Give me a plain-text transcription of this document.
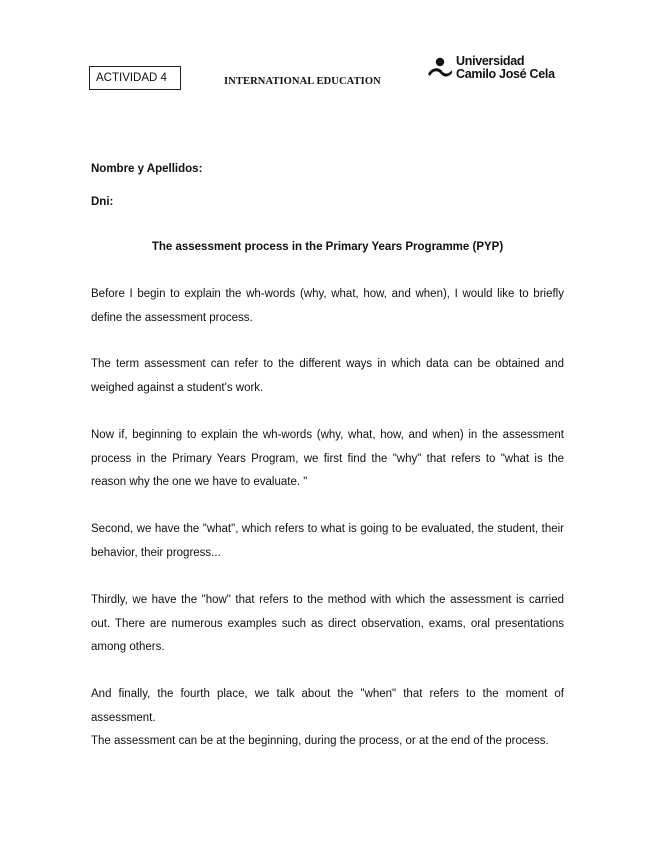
ACTIVIDAD 4	INTERNATIONAL EDUCATION
Universidad
Camilo José Cela
Nombre y Apellidos:
Dni:
The assessment process in the Primary Years Programme (PYP)

Before I begin to explain the wh-words (why, what, how, and when), I would like to briefly define the assessment process.

The term assessment can refer to the different ways in which data can be obtained and weighed against a student's work.

Now if, beginning to explain the wh-words (why, what, how, and when) in the assessment process in the Primary Years Program, we first find the "why" that refers to "what is the reason why the one we have to evaluate. "

Second, we have the "what", which refers to what is going to be evaluated, the student, their behavior, their progress...

Thirdly, we have the "how" that refers to the method with which the assessment is carried out. There are numerous examples such as direct observation, exams, oral presentations among others.

And finally, the fourth place, we talk about the "when" that refers to the moment of assessment.

The assessment can be at the beginning, during the process, or at the end of the process.
